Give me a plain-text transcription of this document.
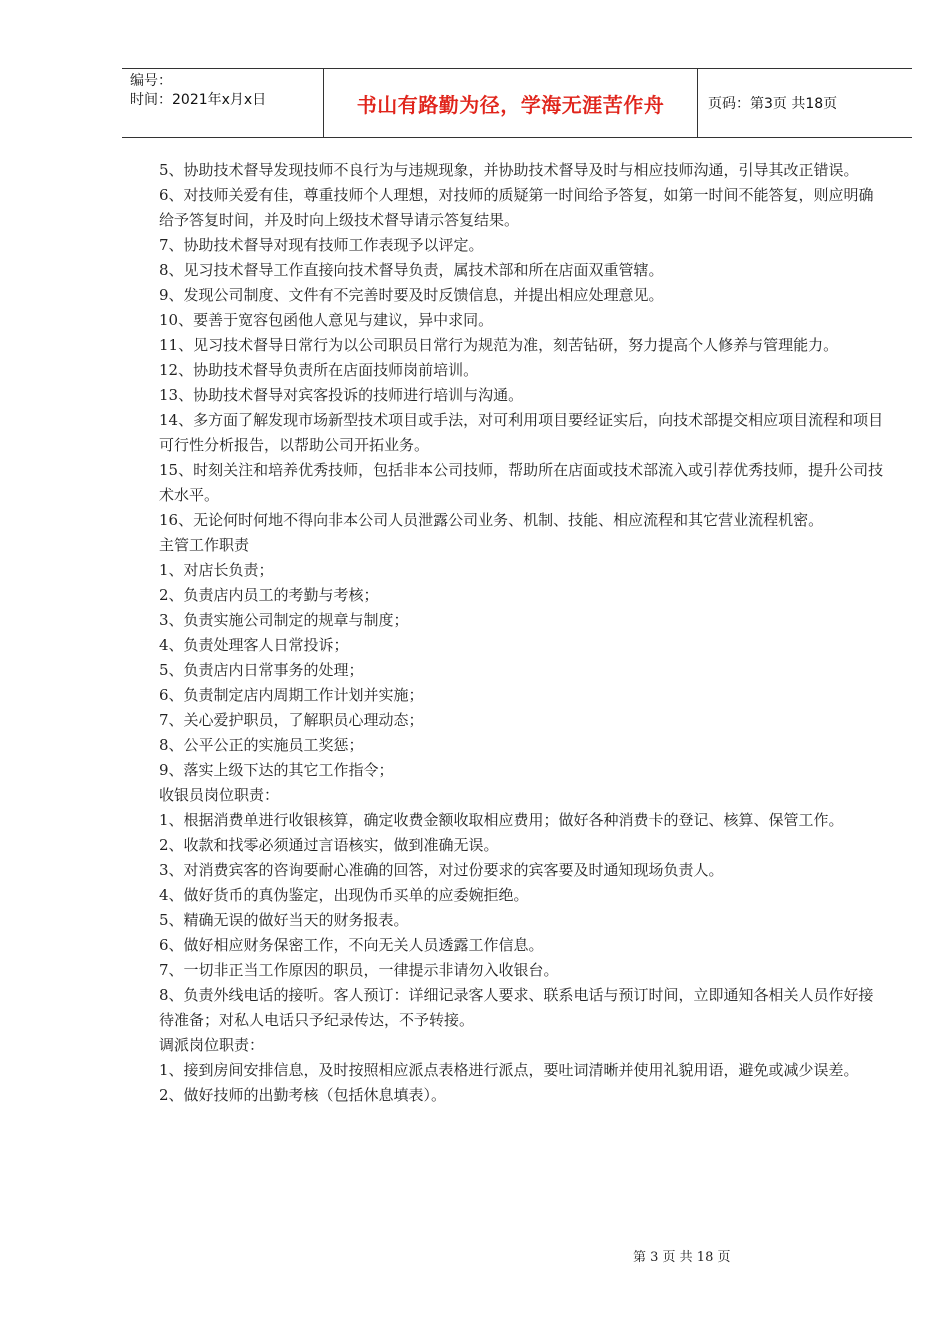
编号：
时间：2021年x月x日	书山有路勤为径，学海无涯苦作舟	页码：第3页 共18页

5、协助技术督导发现技师不良行为与违规现象，并协助技术督导及时与相应技师沟通，引导其改正错误。

6、对技师关爱有佳，尊重技师个人理想，对技师的质疑第一时间给予答复，如第一时间不能答复，则应明确给予答复时间，并及时向上级技术督导请示答复结果。

7、协助技术督导对现有技师工作表现予以评定。

8、见习技术督导工作直接向技术督导负责，属技术部和所在店面双重管辖。

9、发现公司制度、文件有不完善时要及时反馈信息，并提出相应处理意见。

10、要善于宽容包函他人意见与建议，异中求同。

11、见习技术督导日常行为以公司职员日常行为规范为准，刻苦钻研，努力提高个人修养与管理能力。

12、协助技术督导负责所在店面技师岗前培训。

13、协助技术督导对宾客投诉的技师进行培训与沟通。

14、多方面了解发现市场新型技术项目或手法，对可利用项目要经证实后，向技术部提交相应项目流程和项目可行性分析报告，以帮助公司开拓业务。

15、时刻关注和培养优秀技师，包括非本公司技师，帮助所在店面或技术部流入或引荐优秀技师，提升公司技术水平。

16、无论何时何地不得向非本公司人员泄露公司业务、机制、技能、相应流程和其它营业流程机密。

主管工作职责

1、对店长负责；

2、负责店内员工的考勤与考核；

3、负责实施公司制定的规章与制度；

4、负责处理客人日常投诉；

5、负责店内日常事务的处理；

6、负责制定店内周期工作计划并实施；

7、关心爱护职员，了解职员心理动态；

8、公平公正的实施员工奖惩；

9、落实上级下达的其它工作指令；

收银员岗位职责：

1、根据消费单进行收银核算，确定收费金额收取相应费用；做好各种消费卡的登记、核算、保管工作。

2、收款和找零必须通过言语核实，做到准确无误。

3、对消费宾客的咨询要耐心准确的回答，对过份要求的宾客要及时通知现场负责人。

4、做好货币的真伪鉴定，出现伪币买单的应委婉拒绝。

5、精确无误的做好当天的财务报表。

6、做好相应财务保密工作，不向无关人员透露工作信息。

7、一切非正当工作原因的职员，一律提示非请勿入收银台。

8、负责外线电话的接听。客人预订：详细记录客人要求、联系电话与预订时间，立即通知各相关人员作好接待准备；对私人电话只予纪录传达，不予转接。

调派岗位职责：

1、接到房间安排信息，及时按照相应派点表格进行派点，要吐词清晰并使用礼貌用语，避免或减少误差。

2、做好技师的出勤考核（包括休息填表）。

第 3 页 共 18 页
